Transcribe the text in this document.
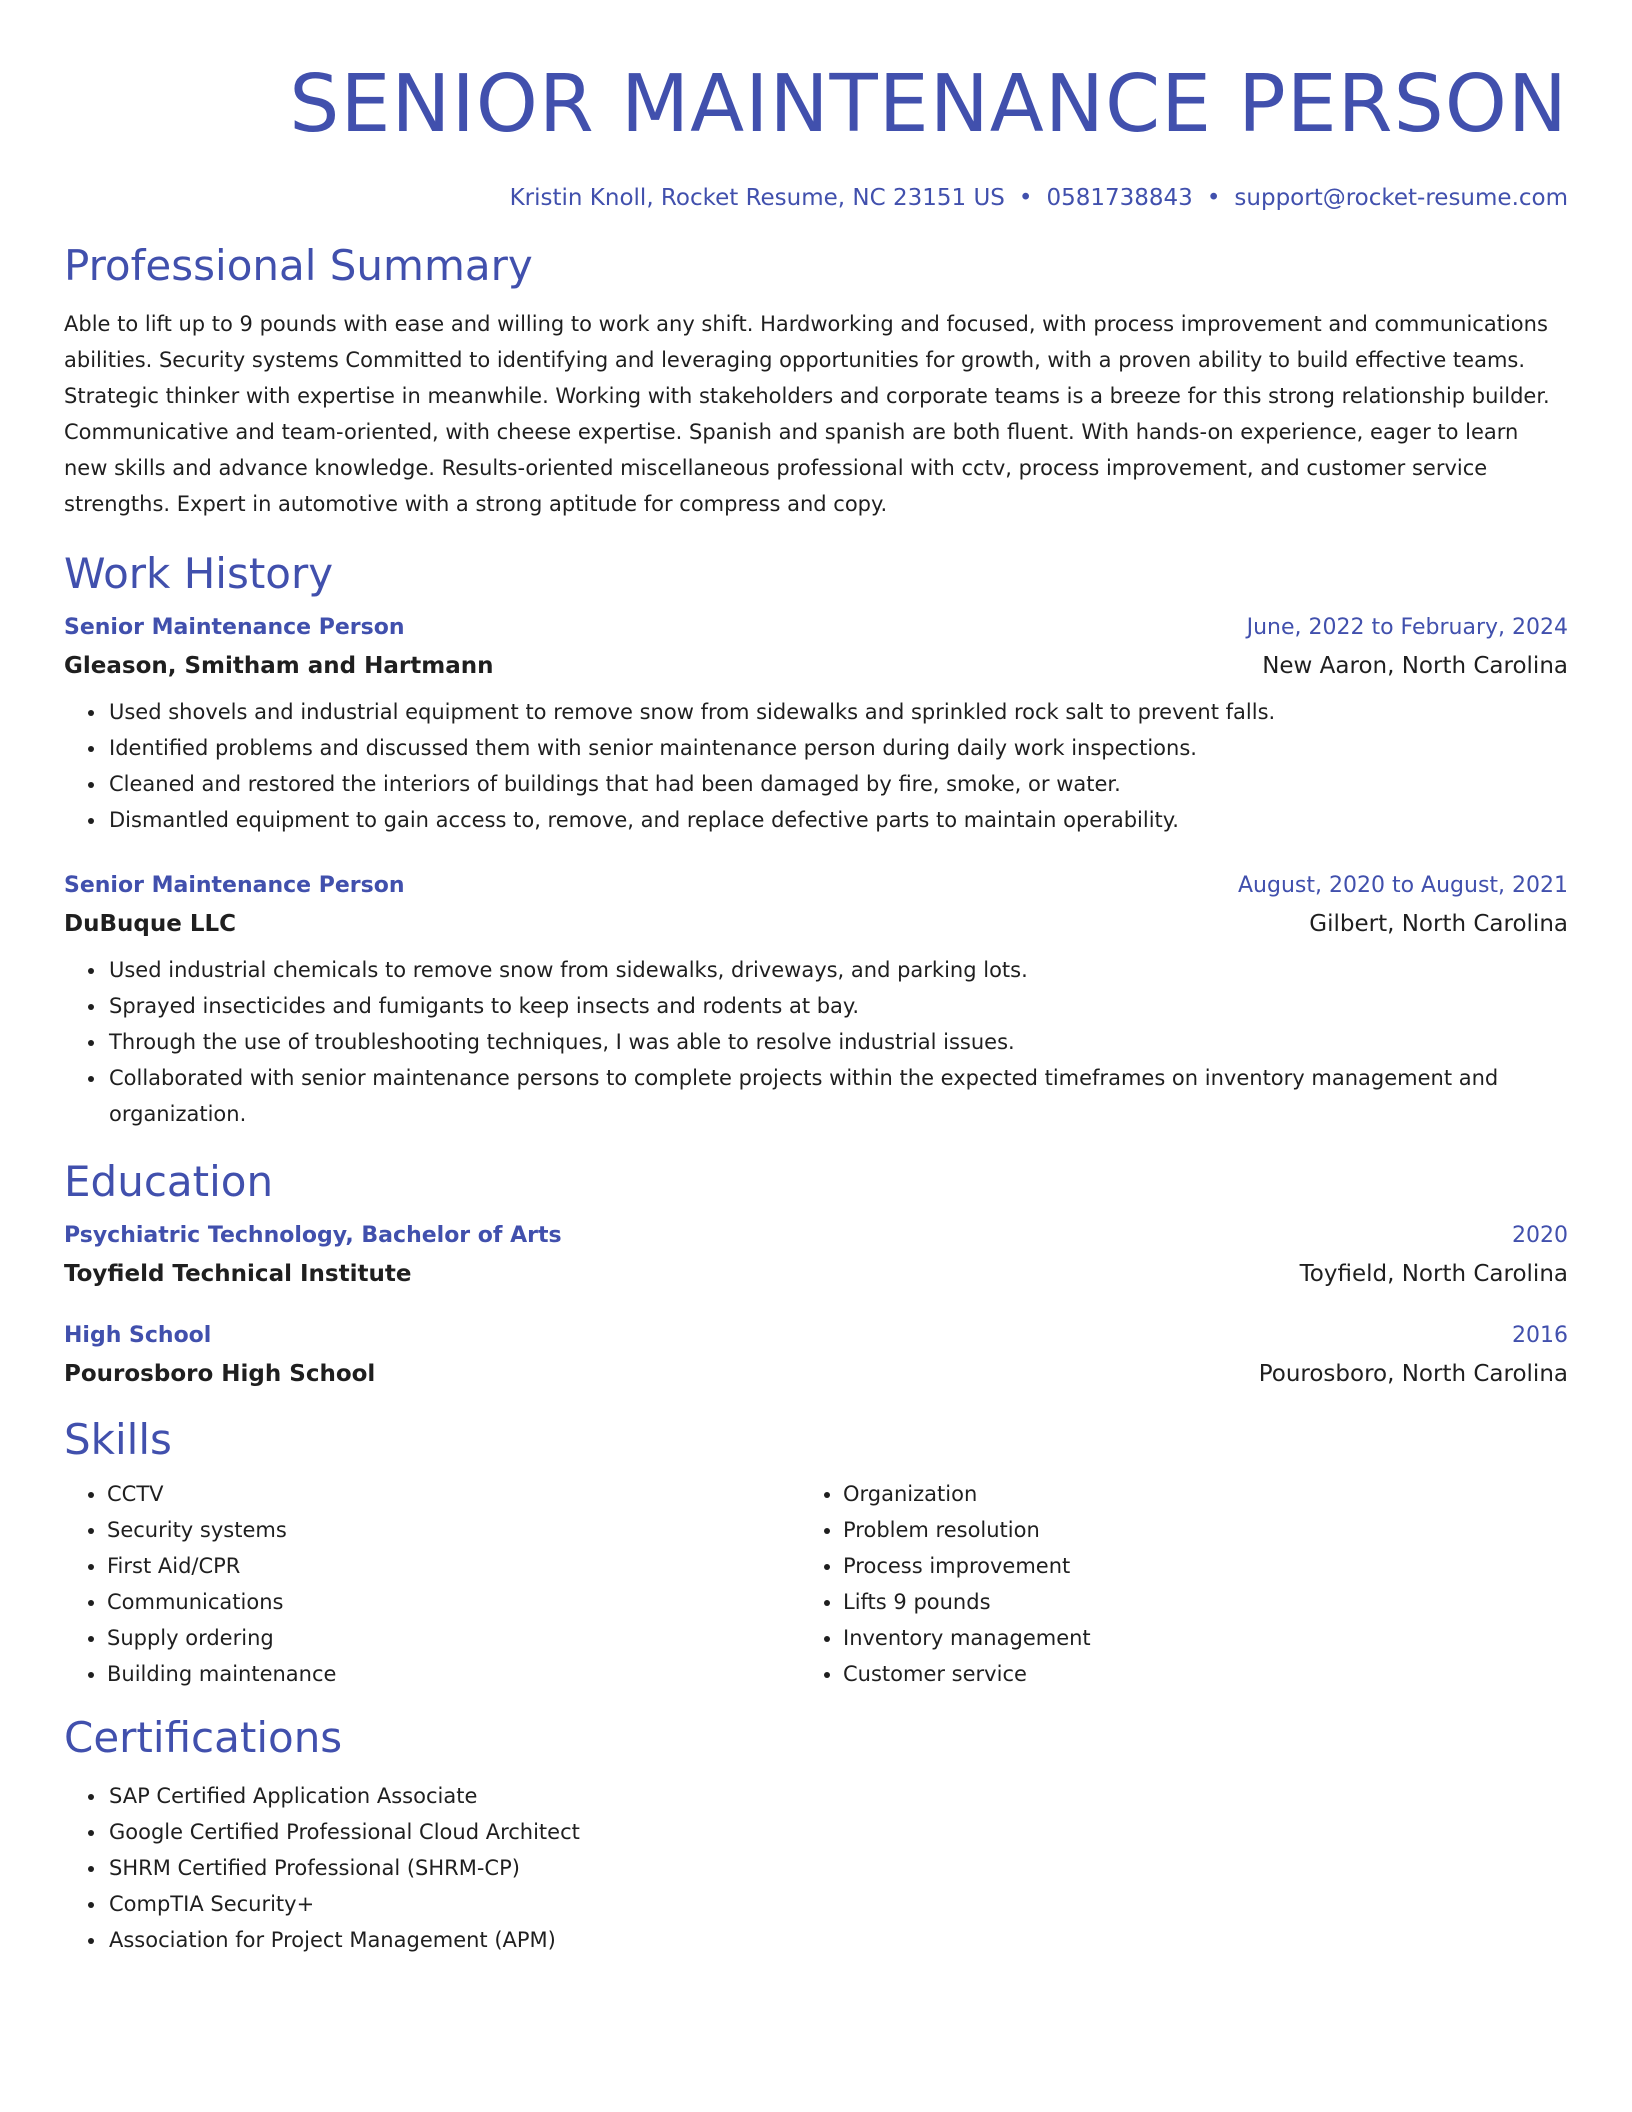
SENIOR MAINTENANCE PERSON
Kristin Knoll, Rocket Resume, NC 23151 US • 0581738843 • support@rocket-resume.com
Professional Summary

Able to lift up to 9 pounds with ease and willing to work any shift. Hardworking and focused, with process improvement and communications abilities. Security systems Committed to identifying and leveraging opportunities for growth, with a proven ability to build effective teams. Strategic thinker with expertise in meanwhile. Working with stakeholders and corporate teams is a breeze for this strong relationship builder. Communicative and team-oriented, with cheese expertise. Spanish and spanish are both fluent. With hands-on experience, eager to learn new skills and advance knowledge. Results-oriented miscellaneous professional with cctv, process improvement, and customer service strengths. Expert in automotive with a strong aptitude for compress and copy.

Work History
Senior Maintenance Person	June, 2022 to February, 2024
Gleason, Smitham and Hartmann	New Aaron, North Carolina
• Used shovels and industrial equipment to remove snow from sidewalks and sprinkled rock salt to prevent falls.
• Identified problems and discussed them with senior maintenance person during daily work inspections.
• Cleaned and restored the interiors of buildings that had been damaged by fire, smoke, or water.
• Dismantled equipment to gain access to, remove, and replace defective parts to maintain operability.
Senior Maintenance Person	August, 2020 to August, 2021
DuBuque LLC	Gilbert, North Carolina
• Used industrial chemicals to remove snow from sidewalks, driveways, and parking lots.
• Sprayed insecticides and fumigants to keep insects and rodents at bay.
• Through the use of troubleshooting techniques, I was able to resolve industrial issues.
• Collaborated with senior maintenance persons to complete projects within the expected timeframes on inventory management and organization.
Education
Psychiatric Technology, Bachelor of Arts	2020
Toyfield Technical Institute	Toyfield, North Carolina
High School	2016
Pourosboro High School	Pourosboro, North Carolina
Skills
• CCTV
• Security systems
• First Aid/CPR
• Communications
• Supply ordering
• Building maintenance
• Organization
• Problem resolution
• Process improvement
• Lifts 9 pounds
• Inventory management
• Customer service
Certifications
• SAP Certified Application Associate
• Google Certified Professional Cloud Architect
• SHRM Certified Professional (SHRM-CP)
• CompTIA Security+
• Association for Project Management (APM)
